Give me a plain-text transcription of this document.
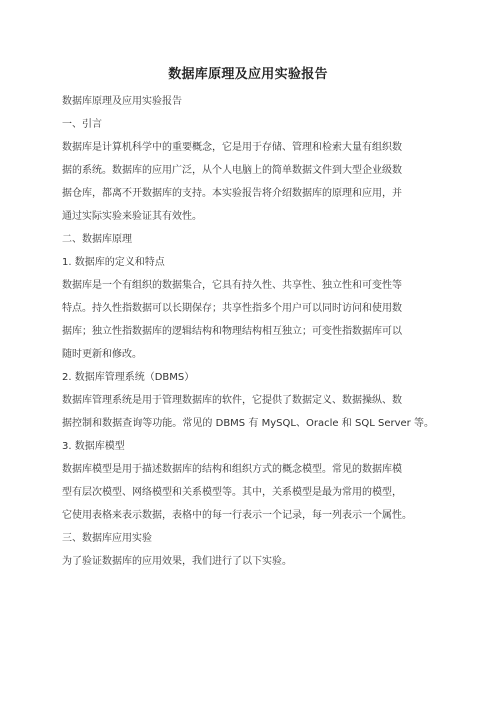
数据库原理及应用实验报告
数据库原理及应用实验报告
一、引言
数据库是计算机科学中的重要概念，它是用于存储、管理和检索大量有组织数
据的系统。数据库的应用广泛，从个人电脑上的简单数据文件到大型企业级数
据仓库，都离不开数据库的支持。本实验报告将介绍数据库的原理和应用，并
通过实际实验来验证其有效性。
二、数据库原理
1. 数据库的定义和特点
数据库是一个有组织的数据集合，它具有持久性、共享性、独立性和可变性等
特点。持久性指数据可以长期保存；共享性指多个用户可以同时访问和使用数
据库；独立性指数据库的逻辑结构和物理结构相互独立；可变性指数据库可以
随时更新和修改。
2. 数据库管理系统（DBMS）
数据库管理系统是用于管理数据库的软件，它提供了数据定义、数据操纵、数
据控制和数据查询等功能。常见的 DBMS 有 MySQL、Oracle 和 SQL Server 等。
3. 数据库模型
数据库模型是用于描述数据库的结构和组织方式的概念模型。常见的数据库模
型有层次模型、网络模型和关系模型等。其中，关系模型是最为常用的模型，
它使用表格来表示数据，表格中的每一行表示一个记录，每一列表示一个属性。
三、数据库应用实验
为了验证数据库的应用效果，我们进行了以下实验。
